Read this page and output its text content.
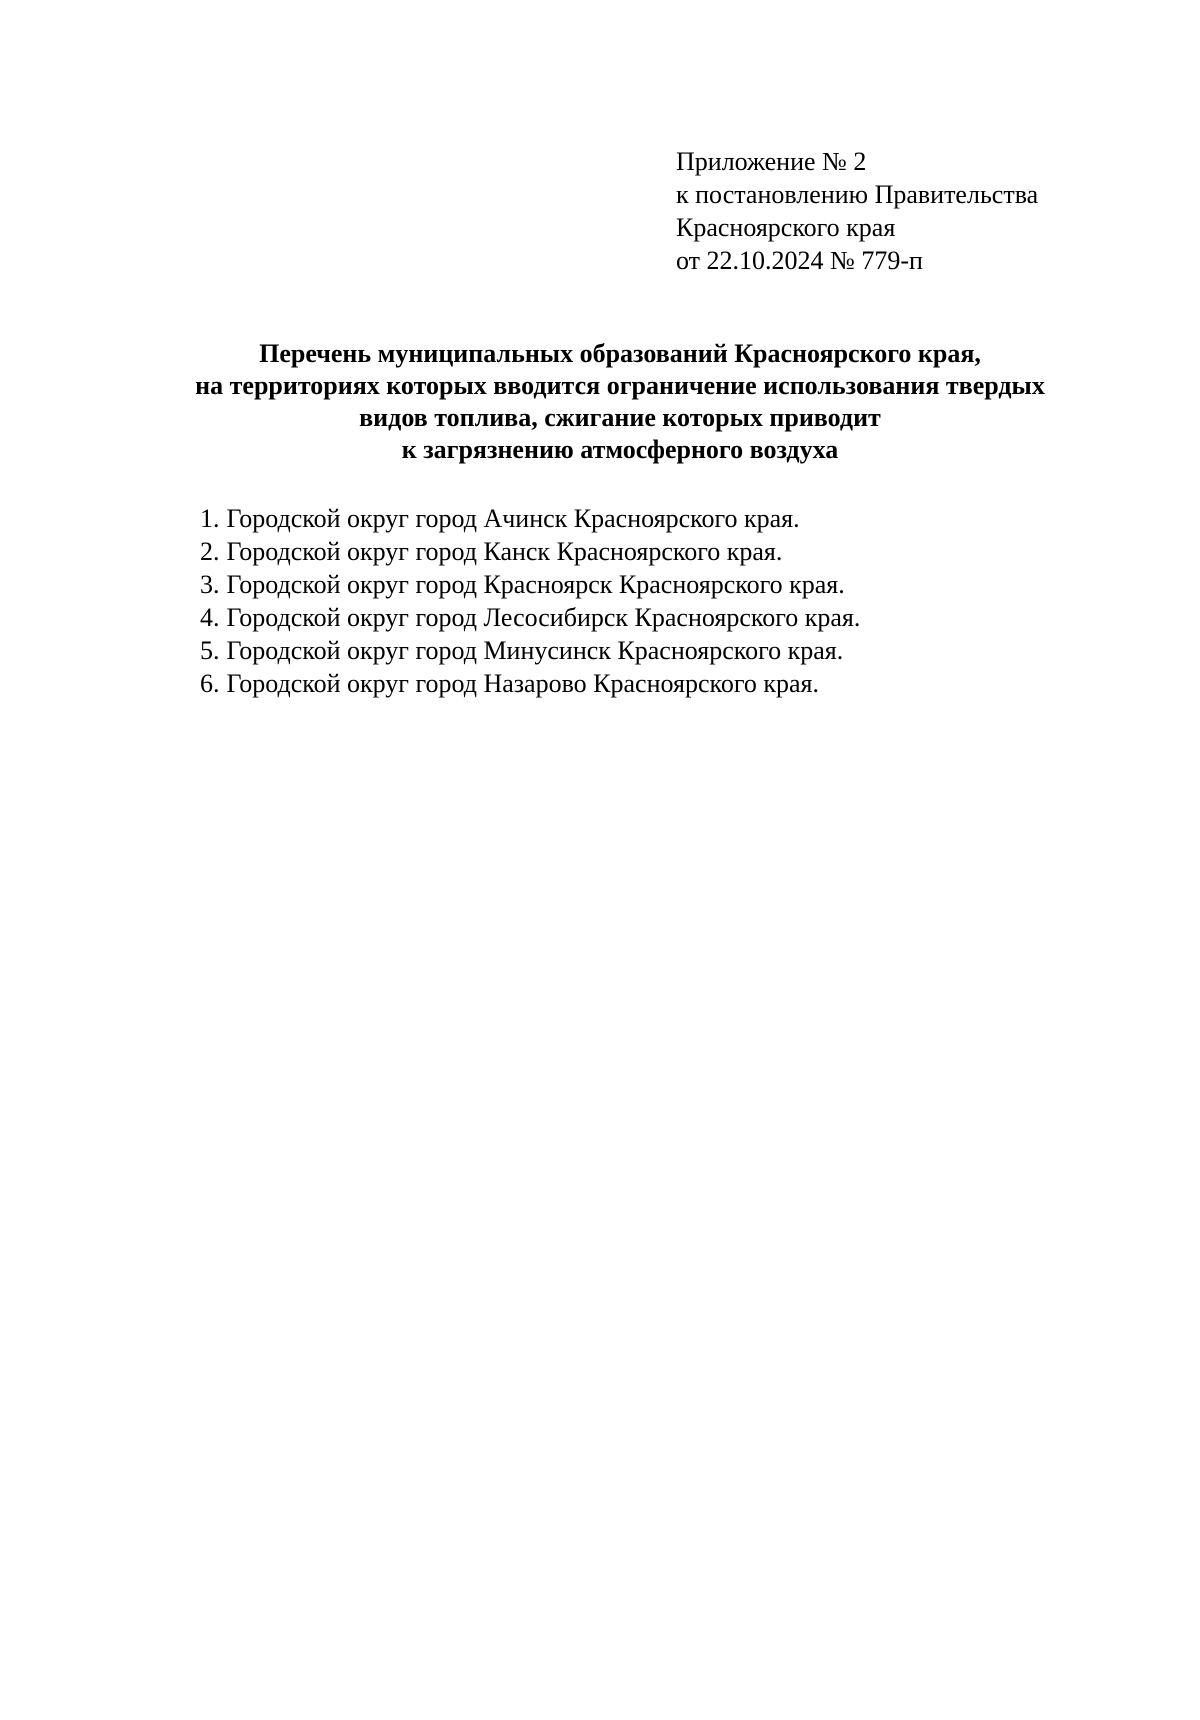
Приложение № 2
к постановлению Правительства
Красноярского края
от 22.10.2024 № 779-п
Перечень муниципальных образований Красноярского края,
на территориях которых вводится ограничение использования твердых
видов топлива, сжигание которых приводит
к загрязнению атмосферного воздуха
1. Городской округ город Ачинск Красноярского края.
2. Городской округ город Канск Красноярского края.
3. Городской округ город Красноярск Красноярского края.
4. Городской округ город Лесосибирск Красноярского края.
5. Городской округ город Минусинск Красноярского края.
6. Городской округ город Назарово Красноярского края.
